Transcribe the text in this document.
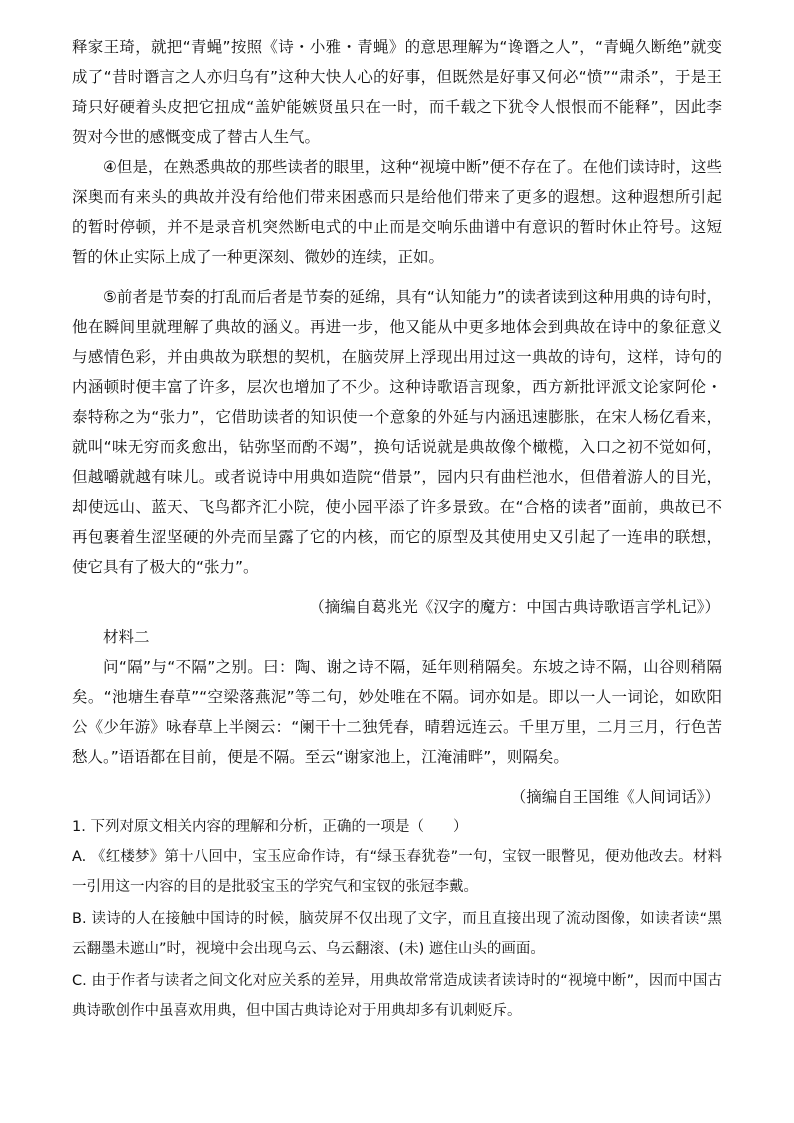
释家王琦，就把“青蝇”按照《诗・小雅・青蝇》的意思理解为“谗谮之人”，“青蝇久断绝”就变成了“昔时谮言之人亦归乌有”这种大快人心的好事，但既然是好事又何必“愤”“肃杀”，于是王琦只好硬着头皮把它扭成“盖妒能嫉贤虽只在一时，而千载之下犹令人恨恨而不能释”，因此李贺对今世的感慨变成了替古人生气。

④但是，在熟悉典故的那些读者的眼里，这种“视境中断”便不存在了。在他们读诗时，这些深奥而有来头的典故并没有给他们带来困惑而只是给他们带来了更多的遐想。这种遐想所引起的暂时停顿，并不是录音机突然断电式的中止而是交响乐曲谱中有意识的暂时休止符号。这短暂的休止实际上成了一种更深刻、微妙的连续，正如。

⑤前者是节奏的打乱而后者是节奏的延绵，具有“认知能力”的读者读到这种用典的诗句时，他在瞬间里就理解了典故的涵义。再进一步，他又能从中更多地体会到典故在诗中的象征意义与感情色彩，并由典故为联想的契机，在脑荧屏上浮现出用过这一典故的诗句，这样，诗句的内涵顿时便丰富了许多，层次也增加了不少。这种诗歌语言现象，西方新批评派文论家阿伦・泰特称之为“张力”，它借助读者的知识使一个意象的外延与内涵迅速膨胀，在宋人杨亿看来，就叫“味无穷而炙愈出，钻弥坚而酌不竭”，换句话说就是典故像个橄榄，入口之初不觉如何，但越嚼就越有味儿。或者说诗中用典如造院“借景”，园内只有曲栏池水，但借着游人的目光，却使远山、蓝天、飞鸟都齐汇小院，使小园平添了许多景致。在“合格的读者”面前，典故已不再包裹着生涩坚硬的外壳而呈露了它的内核，而它的原型及其使用史又引起了一连串的联想，使它具有了极大的“张力”。

（摘编自葛兆光《汉字的魔方：中国古典诗歌语言学札记》）

材料二

问“隔”与“不隔”之别。曰：陶、谢之诗不隔，延年则稍隔矣。东坡之诗不隔，山谷则稍隔矣。“池塘生春草”“空梁落燕泥”等二句，妙处唯在不隔。词亦如是。即以一人一词论，如欧阳公《少年游》咏春草上半阕云：“阑干十二独凭春，晴碧远连云。千里万里，二月三月，行色苦愁人。”语语都在目前，便是不隔。至云“谢家池上，江淹浦畔”，则隔矣。

（摘编自王国维《人间词话》）

1. 下列对原文相关内容的理解和分析，正确的一项是（　　）

A. 《红楼梦》第十八回中，宝玉应命作诗，有“绿玉春犹卷”一句，宝钗一眼瞥见，便劝他改去。材料一引用这一内容的目的是批驳宝玉的学究气和宝钗的张冠李戴。

B. 读诗的人在接触中国诗的时候，脑荧屏不仅出现了文字，而且直接出现了流动图像，如读者读“黑云翻墨未遮山”时，视境中会出现乌云、乌云翻滚、(未) 遮住山头的画面。

C. 由于作者与读者之间文化对应关系的差异，用典故常常造成读者读诗时的“视境中断”，因而中国古典诗歌创作中虽喜欢用典，但中国古典诗论对于用典却多有讥刺贬斥。
